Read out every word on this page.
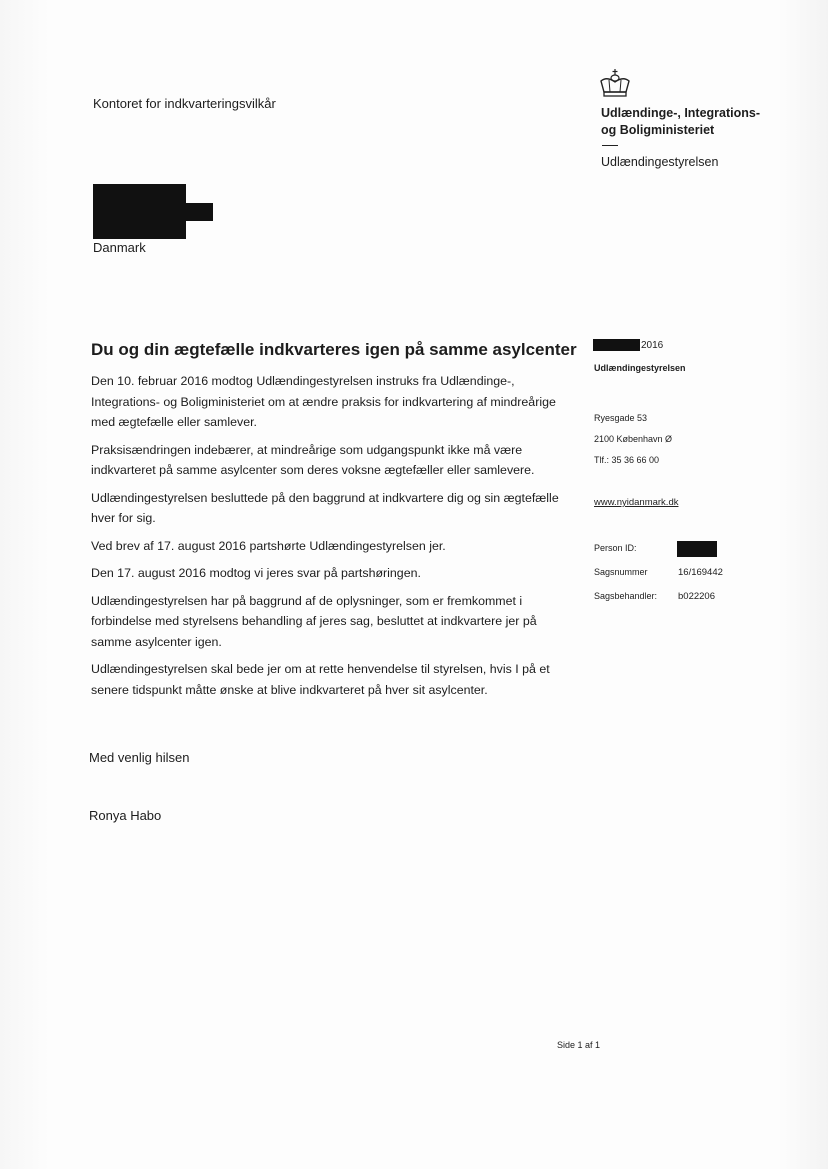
Kontoret for indkvarteringsvilkår
Udlændinge-, Integrations-
og Boligministeriet
Udlændingestyrelsen
Danmark
Du og din ægtefælle indkvarteres igen på samme asylcenter

Den 10. februar 2016 modtog Udlændingestyrelsen instruks fra Udlændinge-, Integrations- og Boligministeriet om at ændre praksis for indkvartering af mindreårige med ægtefælle eller samlever.

Praksisændringen indebærer, at mindreårige som udgangspunkt ikke må være indkvarteret på samme asylcenter som deres voksne ægtefæller eller samlevere.

Udlændingestyrelsen besluttede på den baggrund at indkvartere dig og sin ægtefælle hver for sig.

Ved brev af 17. august 2016 partshørte Udlændingestyrelsen jer.

Den 17. august 2016 modtog vi jeres svar på partshøringen.

Udlændingestyrelsen har på baggrund af de oplysninger, som er fremkommet i forbindelse med styrelsens behandling af jeres sag, besluttet at indkvartere jer på samme asylcenter igen.

Udlændingestyrelsen skal bede jer om at rette henvendelse til styrelsen, hvis I på et senere tidspunkt måtte ønske at blive indkvarteret på hver sit asylcenter.

Med venlig hilsen
Ronya Habo
2016
Udlændingestyrelsen
Ryesgade 53
2100 København Ø
Tlf.: 35 36 66 00
www.nyidanmark.dk
Person ID:
Sagsnummer	16/169442
Sagsbehandler:	b022206
Side 1 af 1
